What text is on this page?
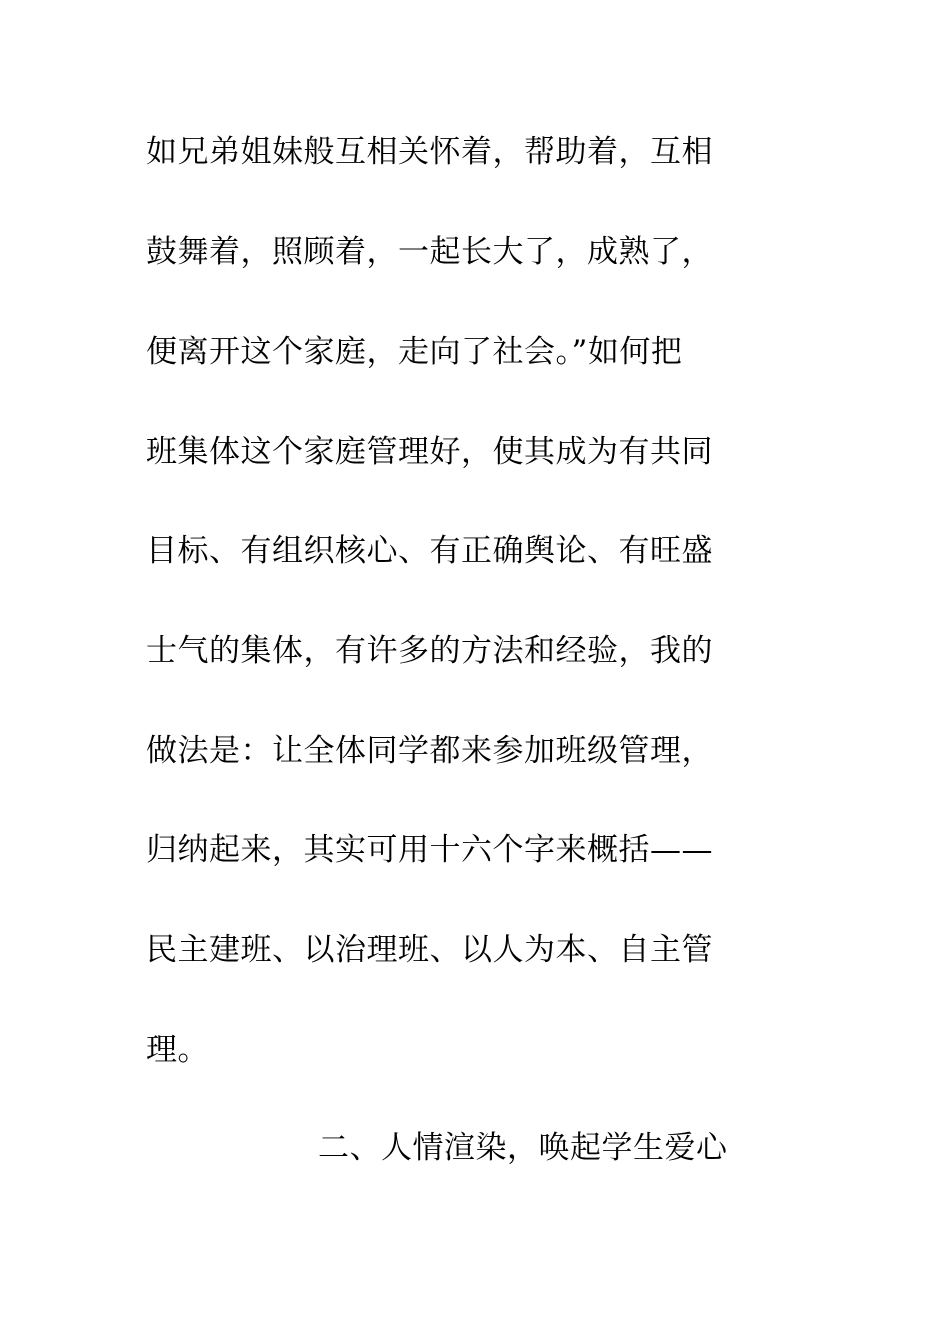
如兄弟姐妹般互相关怀着，帮助着，互相
鼓舞着，照顾着，一起长大了，成熟了，
便离开这个家庭，走向了社会。”如何把
班集体这个家庭管理好，使其成为有共同
目标、有组织核心、有正确舆论、有旺盛
士气的集体，有许多的方法和经验，我的
做法是：让全体同学都来参加班级管理，
归纳起来，其实可用十六个字来概括——
民主建班、以治理班、以人为本、自主管
理。
二、人情渲染，唤起学生爱心
